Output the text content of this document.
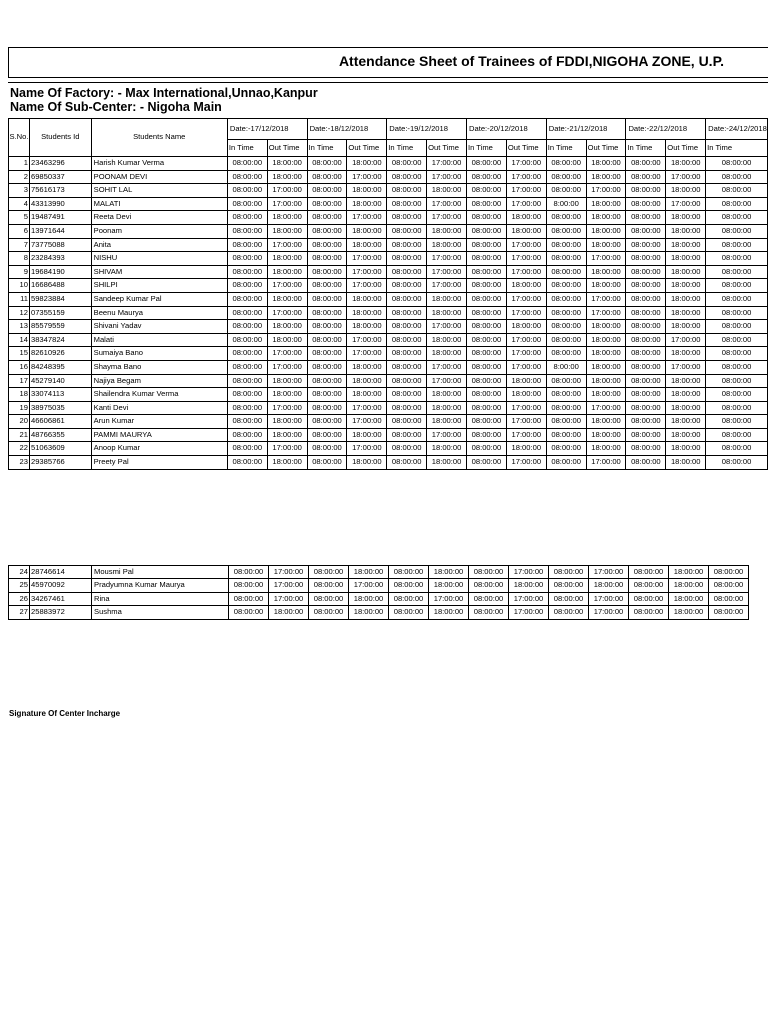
Attendance Sheet of Trainees of FDDI,NIGOHA ZONE, U.P.
Name Of Factory: - Max International,Unnao,Kanpur
Name Of Sub-Center: - Nigoha Main
S.No.	Students Id	Students Name	Date:-17/12/2018		Date:-18/12/2018		Date:-19/12/2018		Date:-20/12/2018		Date:-21/12/2018		Date:-22/12/2018		Date:-24/12/2018
			In Time	Out Time	In Time	Out Time	In Time	Out Time	In Time	Out Time	In Time	Out Time	In Time	Out Time	In Time
1	23463296	Harish Kumar Verma	08:00:00	18:00:00	08:00:00	18:00:00	08:00:00	17:00:00	08:00:00	17:00:00	08:00:00	18:00:00	08:00:00	18:00:00	08:00:00
2	69850337	POONAM DEVI	08:00:00	18:00:00	08:00:00	17:00:00	08:00:00	17:00:00	08:00:00	17:00:00	08:00:00	18:00:00	08:00:00	17:00:00	08:00:00
3	75616173	SOHIT LAL	08:00:00	17:00:00	08:00:00	18:00:00	08:00:00	18:00:00	08:00:00	17:00:00	08:00:00	17:00:00	08:00:00	18:00:00	08:00:00
4	43313990	MALATI	08:00:00	17:00:00	08:00:00	18:00:00	08:00:00	17:00:00	08:00:00	17:00:00	8:00:00	18:00:00	08:00:00	17:00:00	08:00:00
5	19487491	Reeta Devi	08:00:00	18:00:00	08:00:00	17:00:00	08:00:00	17:00:00	08:00:00	18:00:00	08:00:00	18:00:00	08:00:00	18:00:00	08:00:00
6	13971644	Poonam	08:00:00	18:00:00	08:00:00	18:00:00	08:00:00	18:00:00	08:00:00	18:00:00	08:00:00	18:00:00	08:00:00	18:00:00	08:00:00
7	73775088	Anita	08:00:00	17:00:00	08:00:00	18:00:00	08:00:00	18:00:00	08:00:00	17:00:00	08:00:00	18:00:00	08:00:00	18:00:00	08:00:00
8	23284393	NISHU	08:00:00	18:00:00	08:00:00	17:00:00	08:00:00	17:00:00	08:00:00	17:00:00	08:00:00	17:00:00	08:00:00	18:00:00	08:00:00
9	19684190	SHIVAM	08:00:00	18:00:00	08:00:00	17:00:00	08:00:00	17:00:00	08:00:00	17:00:00	08:00:00	18:00:00	08:00:00	18:00:00	08:00:00
10	16686488	SHILPI	08:00:00	17:00:00	08:00:00	17:00:00	08:00:00	17:00:00	08:00:00	18:00:00	08:00:00	18:00:00	08:00:00	18:00:00	08:00:00
11	59823884	Sandeep Kumar Pal	08:00:00	18:00:00	08:00:00	18:00:00	08:00:00	18:00:00	08:00:00	17:00:00	08:00:00	17:00:00	08:00:00	18:00:00	08:00:00
12	07355159	Beenu Maurya	08:00:00	17:00:00	08:00:00	18:00:00	08:00:00	18:00:00	08:00:00	17:00:00	08:00:00	17:00:00	08:00:00	18:00:00	08:00:00
13	85579559	Shivani Yadav	08:00:00	18:00:00	08:00:00	18:00:00	08:00:00	17:00:00	08:00:00	18:00:00	08:00:00	18:00:00	08:00:00	18:00:00	08:00:00
14	38347824	Malati	08:00:00	18:00:00	08:00:00	17:00:00	08:00:00	18:00:00	08:00:00	17:00:00	08:00:00	18:00:00	08:00:00	17:00:00	08:00:00
15	82610926	Sumaiya Bano	08:00:00	17:00:00	08:00:00	17:00:00	08:00:00	18:00:00	08:00:00	17:00:00	08:00:00	18:00:00	08:00:00	18:00:00	08:00:00
16	84248395	Shayma Bano	08:00:00	17:00:00	08:00:00	18:00:00	08:00:00	17:00:00	08:00:00	17:00:00	8:00:00	18:00:00	08:00:00	17:00:00	08:00:00
17	45279140	Najiya Begam	08:00:00	18:00:00	08:00:00	18:00:00	08:00:00	17:00:00	08:00:00	18:00:00	08:00:00	18:00:00	08:00:00	18:00:00	08:00:00
18	33074113	Shailendra Kumar Verma	08:00:00	18:00:00	08:00:00	18:00:00	08:00:00	18:00:00	08:00:00	18:00:00	08:00:00	18:00:00	08:00:00	18:00:00	08:00:00
19	38975035	Kanti Devi	08:00:00	17:00:00	08:00:00	17:00:00	08:00:00	18:00:00	08:00:00	17:00:00	08:00:00	17:00:00	08:00:00	18:00:00	08:00:00
20	46606861	Arun Kumar	08:00:00	18:00:00	08:00:00	17:00:00	08:00:00	18:00:00	08:00:00	17:00:00	08:00:00	18:00:00	08:00:00	18:00:00	08:00:00
21	48766355	PAMMI MAURYA	08:00:00	18:00:00	08:00:00	18:00:00	08:00:00	17:00:00	08:00:00	17:00:00	08:00:00	18:00:00	08:00:00	18:00:00	08:00:00
22	51063609	Anoop Kumar	08:00:00	17:00:00	08:00:00	17:00:00	08:00:00	18:00:00	08:00:00	18:00:00	08:00:00	18:00:00	08:00:00	18:00:00	08:00:00
23	29385766	Preety Pal	08:00:00	18:00:00	08:00:00	18:00:00	08:00:00	18:00:00	08:00:00	17:00:00	08:00:00	17:00:00	08:00:00	18:00:00	08:00:00
24	28746614	Mousmi Pal	08:00:00	17:00:00	08:00:00	18:00:00	08:00:00	18:00:00	08:00:00	17:00:00	08:00:00	17:00:00	08:00:00	18:00:00	08:00:00
25	45970092	Pradyumna Kumar Maurya	08:00:00	17:00:00	08:00:00	17:00:00	08:00:00	18:00:00	08:00:00	18:00:00	08:00:00	18:00:00	08:00:00	18:00:00	08:00:00
26	34267461	Rina	08:00:00	17:00:00	08:00:00	18:00:00	08:00:00	17:00:00	08:00:00	17:00:00	08:00:00	17:00:00	08:00:00	18:00:00	08:00:00
27	25883972	Sushma	08:00:00	18:00:00	08:00:00	18:00:00	08:00:00	18:00:00	08:00:00	17:00:00	08:00:00	17:00:00	08:00:00	18:00:00	08:00:00
Signature Of Center Incharge
